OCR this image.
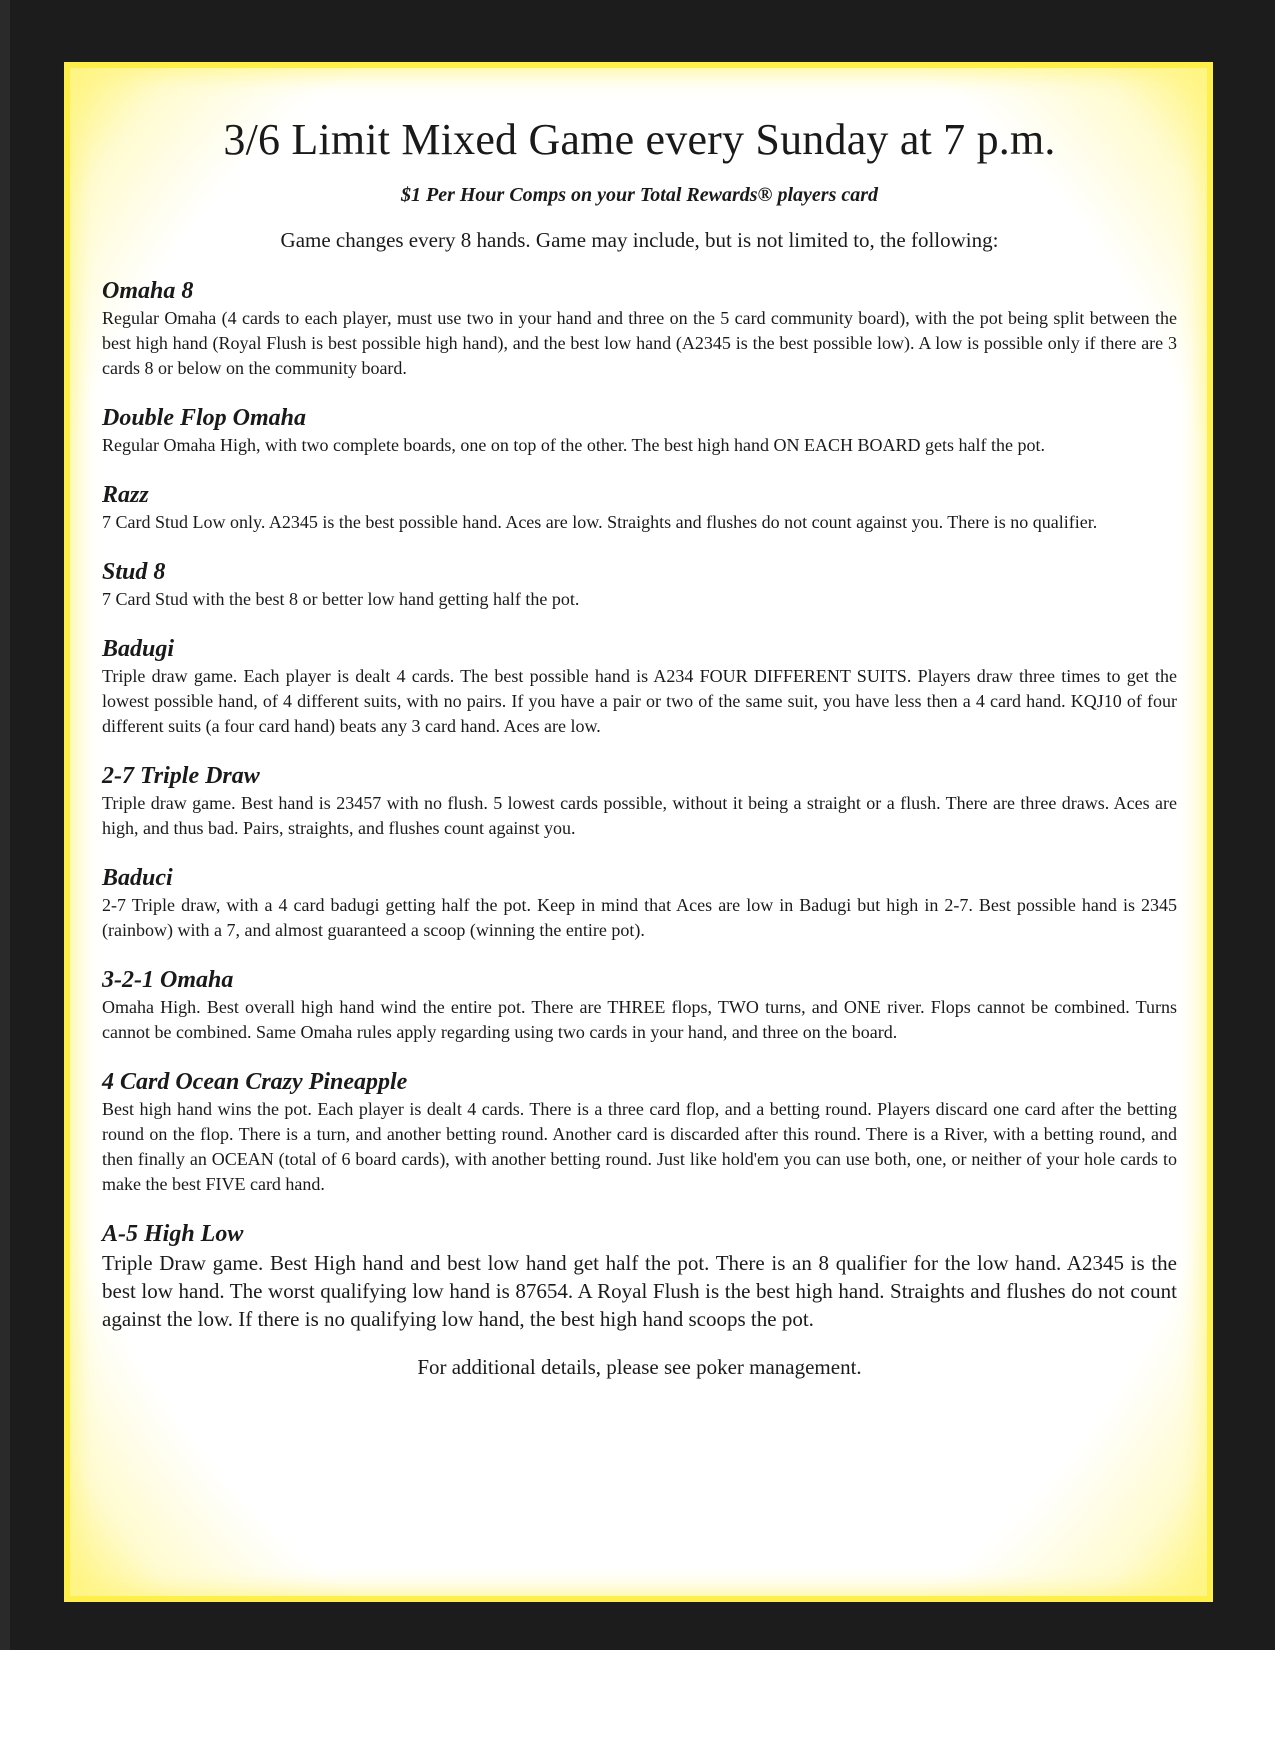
3/6 Limit Mixed Game every Sunday at 7 p.m.
$1 Per Hour Comps on your Total Rewards® players card
Game changes every 8 hands. Game may include, but is not limited to, the following:
Omaha 8

Regular Omaha (4 cards to each player, must use two in your hand and three on the 5 card community board), with the pot being split between the best high hand (Royal Flush is best possible high hand), and the best low hand (A2345 is the best possible low). A low is possible only if there are 3 cards 8 or below on the community board.

Double Flop Omaha

Regular Omaha High, with two complete boards, one on top of the other. The best high hand ON EACH BOARD gets half the pot.

Razz

7 Card Stud Low only. A2345 is the best possible hand. Aces are low. Straights and flushes do not count against you. There is no qualifier.

Stud 8

7 Card Stud with the best 8 or better low hand getting half the pot.

Badugi

Triple draw game. Each player is dealt 4 cards. The best possible hand is A234 FOUR DIFFERENT SUITS. Players draw three times to get the lowest possible hand, of 4 different suits, with no pairs. If you have a pair or two of the same suit, you have less then a 4 card hand. KQJ10 of four different suits (a four card hand) beats any 3 card hand. Aces are low.

2-7 Triple Draw

Triple draw game. Best hand is 23457 with no flush. 5 lowest cards possible, without it being a straight or a flush. There are three draws. Aces are high, and thus bad. Pairs, straights, and flushes count against you.

Baduci

2-7 Triple draw, with a 4 card badugi getting half the pot. Keep in mind that Aces are low in Badugi but high in 2-7. Best possible hand is 2345 (rainbow) with a 7, and almost guaranteed a scoop (winning the entire pot).

3-2-1 Omaha

Omaha High. Best overall high hand wind the entire pot. There are THREE flops, TWO turns, and ONE river. Flops cannot be combined. Turns cannot be combined. Same Omaha rules apply regarding using two cards in your hand, and three on the board.

4 Card Ocean Crazy Pineapple

Best high hand wins the pot. Each player is dealt 4 cards. There is a three card flop, and a betting round. Players discard one card after the betting round on the flop. There is a turn, and another betting round. Another card is discarded after this round. There is a River, with a betting round, and then finally an OCEAN (total of 6 board cards), with another betting round. Just like hold'em you can use both, one, or neither of your hole cards to make the best FIVE card hand.

A-5 High Low

Triple Draw game. Best High hand and best low hand get half the pot. There is an 8 qualifier for the low hand. A2345 is the best low hand. The worst qualifying low hand is 87654. A Royal Flush is the best high hand. Straights and flushes do not count against the low. If there is no qualifying low hand, the best high hand scoops the pot.

For additional details, please see poker management.
